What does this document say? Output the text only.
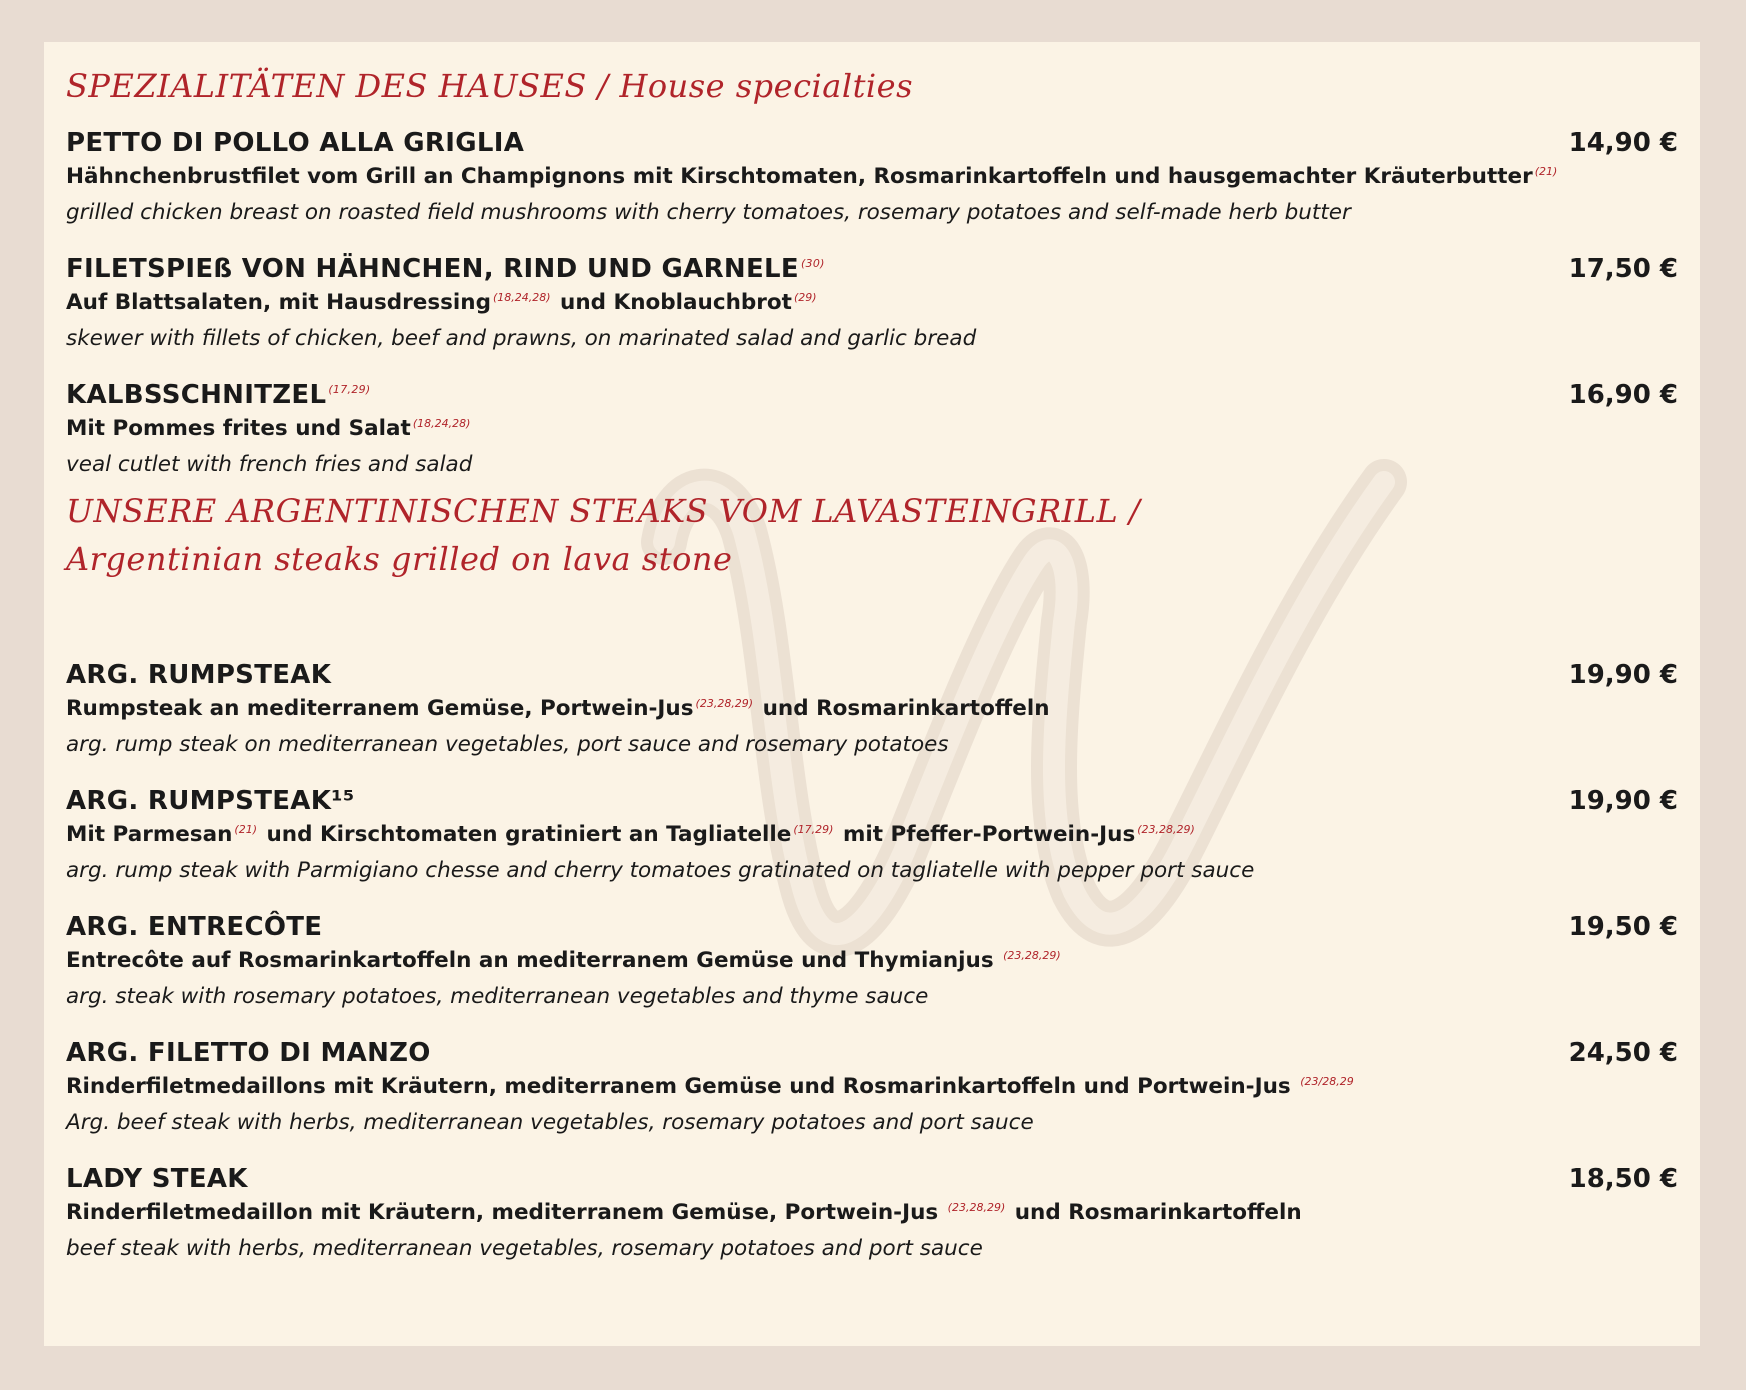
SPEZIALITÄTEN DES HAUSES / House specialties
PETTO DI POLLO ALLA GRIGLIA	14,90 €
Hähnchenbrustfilet vom Grill an Champignons mit Kirschtomaten, Rosmarinkartoffeln und hausgemachter Kräuterbutter $^{(21)}$
grilled chicken breast on roasted field mushrooms with cherry tomatoes, rosemary potatoes and self-made herb butter
FILETSPIEß VON HÄHNCHEN, RIND UND GARNELE $^{(30)}$	17,50 €
Auf Blattsalaten, mit Hausdressing $^{(18,24,28)}$ und Knoblauchbrot $^{(29)}$
skewer with fillets of chicken, beef and prawns, on marinated salad and garlic bread
KALBSSCHNITZEL $^{(17,29)}$	16,90 €
Mit Pommes frites und Salat $^{(18,24,28)}$
veal cutlet with french fries and salad
UNSERE ARGENTINISCHEN STEAKS VOM LAVASTEINGRILL /
Argentinian steaks grilled on lava stone
ARG. RUMPSTEAK	19,90 €
Rumpsteak an mediterranem Gemüse, Portwein-Jus $^{(23,28,29)}$ und Rosmarinkartoffeln
arg. rump steak on mediterranean vegetables, port sauce and rosemary potatoes
ARG. RUMPSTEAK¹⁵	19,90 €
Mit Parmesan $^{(21)}$ und Kirschtomaten gratiniert an Tagliatelle $^{(17,29)}$ mit Pfeffer-Portwein-Jus $^{(23,28,29)}$
arg. rump steak with Parmigiano chesse and cherry tomatoes gratinated on tagliatelle with pepper port sauce
ARG. ENTRECÔTE	19,50 €
Entrecôte auf Rosmarinkartoffeln an mediterranem Gemüse und Thymianjus $^{(23,28,29)}$
arg. steak with rosemary potatoes, mediterranean vegetables and thyme sauce
ARG. FILETTO DI MANZO	24,50 €
Rinderfiletmedaillons mit Kräutern, mediterranem Gemüse und Rosmarinkartoffeln und Portwein-Jus $^{(23/28,29}$
Arg. beef steak with herbs, mediterranean vegetables, rosemary potatoes and port sauce
LADY STEAK	18,50 €
Rinderfiletmedaillon mit Kräutern, mediterranem Gemüse, Portwein-Jus $^{(23,28,29)}$ und Rosmarinkartoffeln
beef steak with herbs, mediterranean vegetables, rosemary potatoes and port sauce
